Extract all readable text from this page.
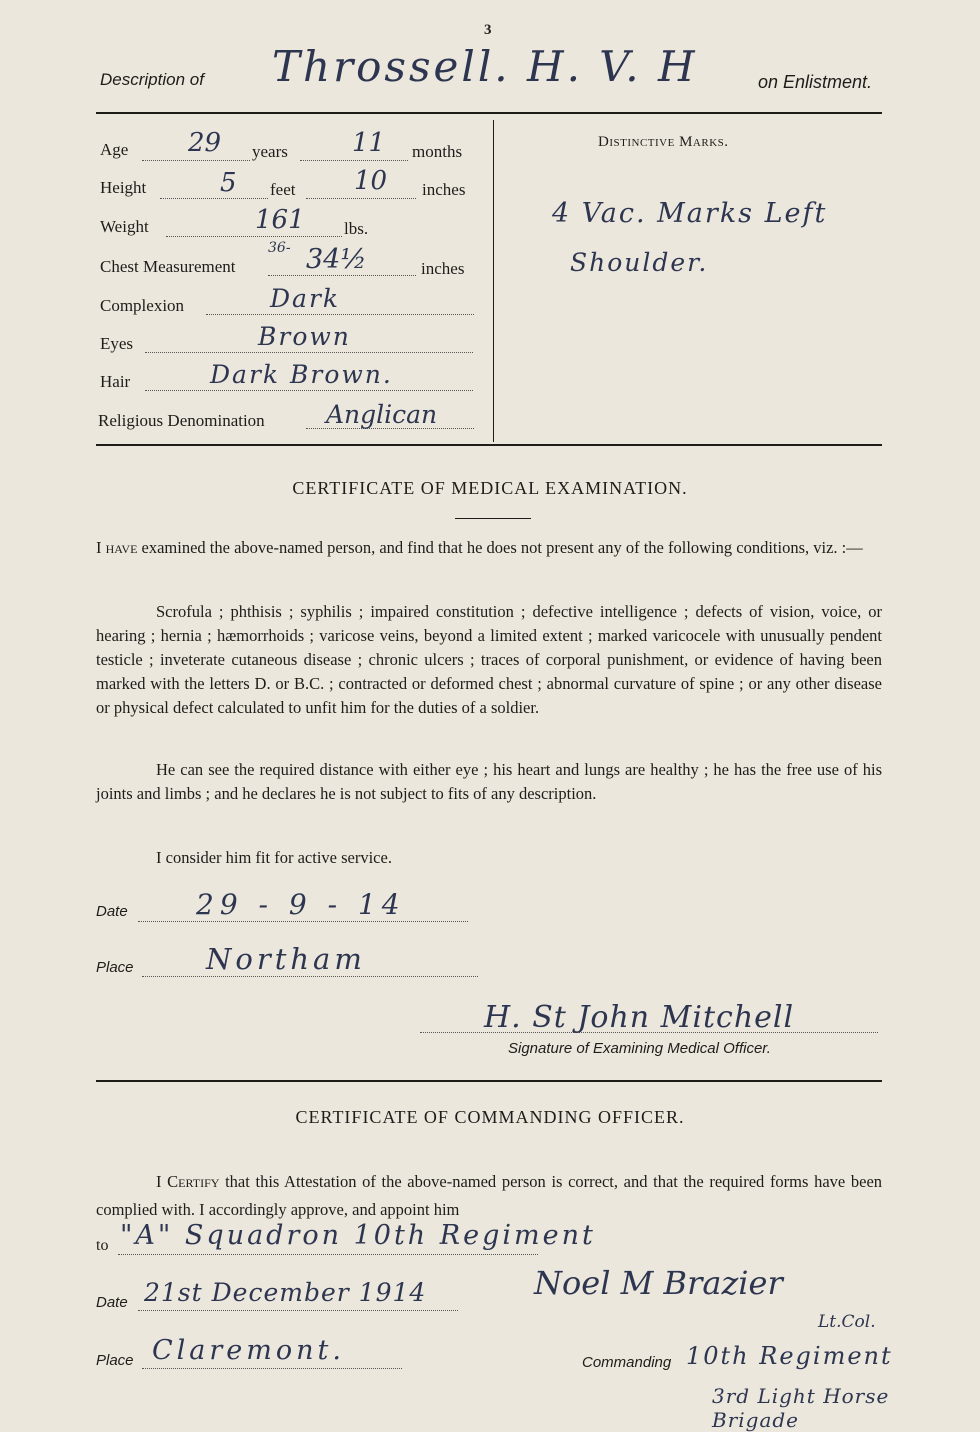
3
Description of Throssell. H. V. H	on Enlistment.
Age 29 years 11 months
Height	5 feet 10 inches
Weight	161 lbs.
Chest Measurement
36- 34½	inches
Complexion	Dark
Eyes	Brown
Hair	Dark Brown.
Religious Denomination Anglican
Distinctive Marks.
4 Vac. Marks Left
Shoulder.
CERTIFICATE OF MEDICAL EXAMINATION.
I have examined the above-named person, and find that he does not present any of the following conditions, viz. :—
Scrofula ; phthisis ; syphilis ; impaired constitution ; defective intelligence ; defects of vision, voice, or hearing ; hernia ; hæmorrhoids ; varicose veins, beyond a limited extent ; marked varicocele with unusually pendent testicle ; inveterate cutaneous disease ; chronic ulcers ; traces of corporal punishment, or evidence of having been marked with the letters D. or B.C. ; contracted or deformed chest ; abnormal curvature of spine ; or any other disease or physical defect calculated to unfit him for the duties of a soldier.
He can see the required distance with either eye ; his heart and lungs are healthy ; he has the free use of his joints and limbs ; and he declares he is not subject to fits of any description.
I consider him fit for active service.
Date 29 - 9 - 14
Place Northam
H. St John Mitchell
Signature of Examining Medical Officer.
CERTIFICATE OF COMMANDING OFFICER.
I Certify that this Attestation of the above-named person is correct, and that the required forms have been complied with. I accordingly approve, and appoint him
to "A" Squadron 10th Regiment
Date 21st December 1914
Place Claremont.
Noel M Brazier
Lt.Col.
Commanding 10th Regiment
3rd Light Horse Brigade
